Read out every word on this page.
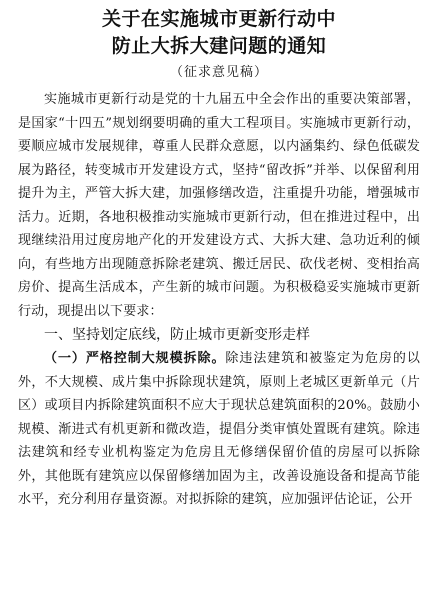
关于在实施城市更新行动中
防止大拆大建问题的通知
（征求意见稿）

实施城市更新行动是党的十九届五中全会作出的重要决策部署，是国家“十四五”规划纲要明确的重大工程项目。实施城市更新行动，要顺应城市发展规律，尊重人民群众意愿，以内涵集约、绿色低碳发展为路径，转变城市开发建设方式，坚持“留改拆”并举、以保留利用提升为主，严管大拆大建，加强修缮改造，注重提升功能，增强城市活力。近期，各地积极推动实施城市更新行动，但在推进过程中，出现继续沿用过度房地产化的开发建设方式、大拆大建、急功近利的倾向，有些地方出现随意拆除老建筑、搬迁居民、砍伐老树、变相抬高房价、提高生活成本，产生新的城市问题。为积极稳妥实施城市更新行动，现提出以下要求：

一、坚持划定底线，防止城市更新变形走样

（一）严格控制大规模拆除。除违法建筑和被鉴定为危房的以外，不大规模、成片集中拆除现状建筑，原则上老城区更新单元（片区）或项目内拆除建筑面积不应大于现状总建筑面积的20%。鼓励小规模、渐进式有机更新和微改造，提倡分类审慎处置既有建筑。除违法建筑和经专业机构鉴定为危房且无修缮保留价值的房屋可以拆除外，其他既有建筑应以保留修缮加固为主，改善设施设备和提高节能水平，充分利用存量资源。对拟拆除的建筑，应加强评估论证，公开
